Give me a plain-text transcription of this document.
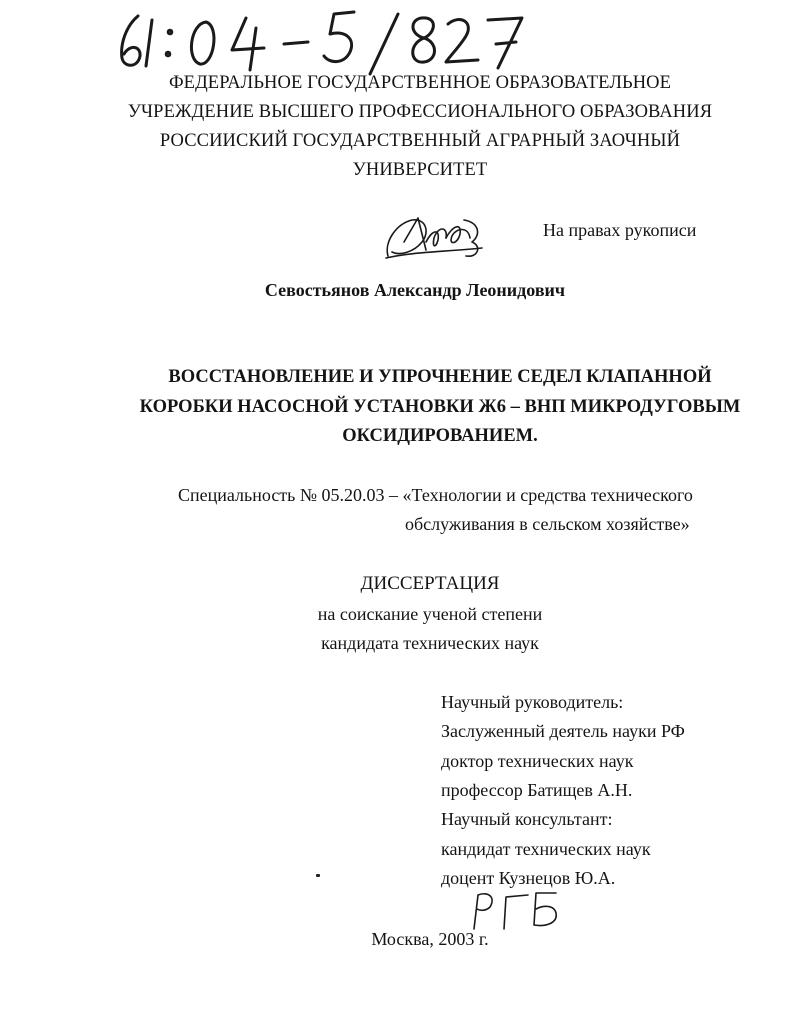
ФЕДЕРАЛЬНОЕ ГОСУДАРСТВЕННОЕ ОБРАЗОВАТЕЛЬНОЕ
УЧРЕЖДЕНИЕ ВЫСШЕГО ПРОФЕССИОНАЛЬНОГО ОБРАЗОВАНИЯ
РОССИИСКИЙ ГОСУДАРСТВЕННЫЙ АГРАРНЫЙ ЗАОЧНЫЙ
УНИВЕРСИТЕТ
На правах рукописи
Севостьянов Александр Леонидович
ВОССТАНОВЛЕНИЕ И УПРОЧНЕНИЕ СЕДЕЛ КЛАПАННОЙ
КОРОБКИ НАСОСНОЙ УСТАНОВКИ Ж6 – ВНП МИКРОДУГОВЫМ
ОКСИДИРОВАНИЕМ.
Специальность № 05.20.03 – «Технологии и средства технического
обслуживания в сельском хозяйстве»
ДИССЕРТАЦИЯ
на соискание ученой степени
кандидата технических наук
Научный руководитель:
Заслуженный деятель науки РФ
доктор технических наук
профессор Батищев А.Н.
Научный консультант:
кандидат технических наук
доцент Кузнецов Ю.А.
Москва, 2003 г.
